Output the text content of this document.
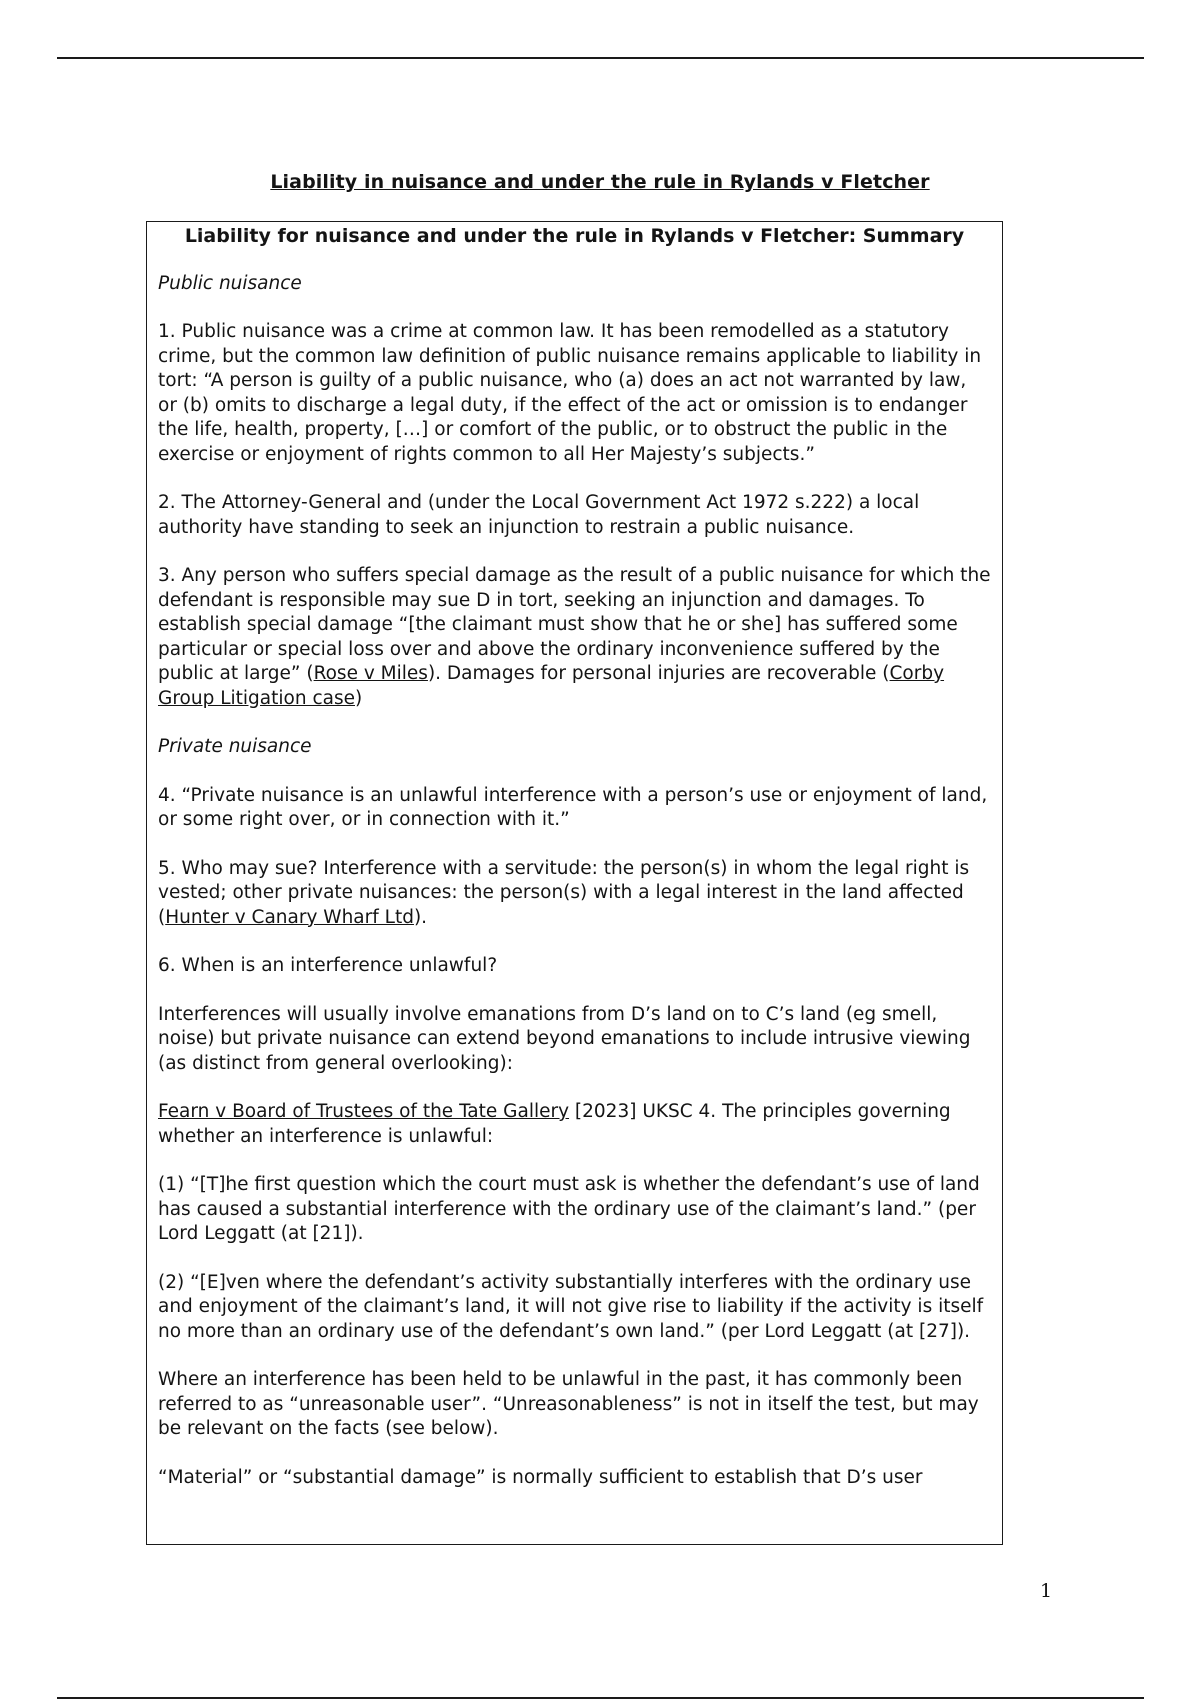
Liability in nuisance and under the rule in Rylands v Fletcher
Liability for nuisance and under the rule in Rylands v Fletcher: Summary

Public nuisance

1. Public nuisance was a crime at common law. It has been remodelled as a statutory crime, but the common law definition of public nuisance remains applicable to liability in tort: “A person is guilty of a public nuisance, who (a) does an act not warranted by law, or (b) omits to discharge a legal duty, if the effect of the act or omission is to endanger the life, health, property, […] or comfort of the public, or to obstruct the public in the exercise or enjoyment of rights common to all Her Majesty’s subjects.”

2. The Attorney-General and (under the Local Government Act 1972 s.222) a local authority have standing to seek an injunction to restrain a public nuisance.

3. Any person who suffers special damage as the result of a public nuisance for which the defendant is responsible may sue D in tort, seeking an injunction and damages. To establish special damage “[the claimant must show that he or she] has suffered some particular or special loss over and above the ordinary inconvenience suffered by the public at large” (Rose v Miles). Damages for personal injuries are recoverable (Corby Group Litigation case)

Private nuisance

4. “Private nuisance is an unlawful interference with a person’s use or enjoyment of land, or some right over, or in connection with it.”

5. Who may sue? Interference with a servitude: the person(s) in whom the legal right is vested; other private nuisances: the person(s) with a legal interest in the land affected (Hunter v Canary Wharf Ltd).

6. When is an interference unlawful?

Interferences will usually involve emanations from D’s land on to C’s land (eg smell, noise) but private nuisance can extend beyond emanations to include intrusive viewing (as distinct from general overlooking):

Fearn v Board of Trustees of the Tate Gallery [2023] UKSC 4. The principles governing whether an interference is unlawful:

(1) “[T]he first question which the court must ask is whether the defendant’s use of land has caused a substantial interference with the ordinary use of the claimant’s land.” (per Lord Leggatt (at [21]).

(2) “[E]ven where the defendant’s activity substantially interferes with the ordinary use and enjoyment of the claimant’s land, it will not give rise to liability if the activity is itself no more than an ordinary use of the defendant’s own land.” (per Lord Leggatt (at [27]).

Where an interference has been held to be unlawful in the past, it has commonly been referred to as “unreasonable user”. “Unreasonableness” is not in itself the test, but may be relevant on the facts (see below).

“Material” or “substantial damage” is normally sufficient to establish that D’s user

1
